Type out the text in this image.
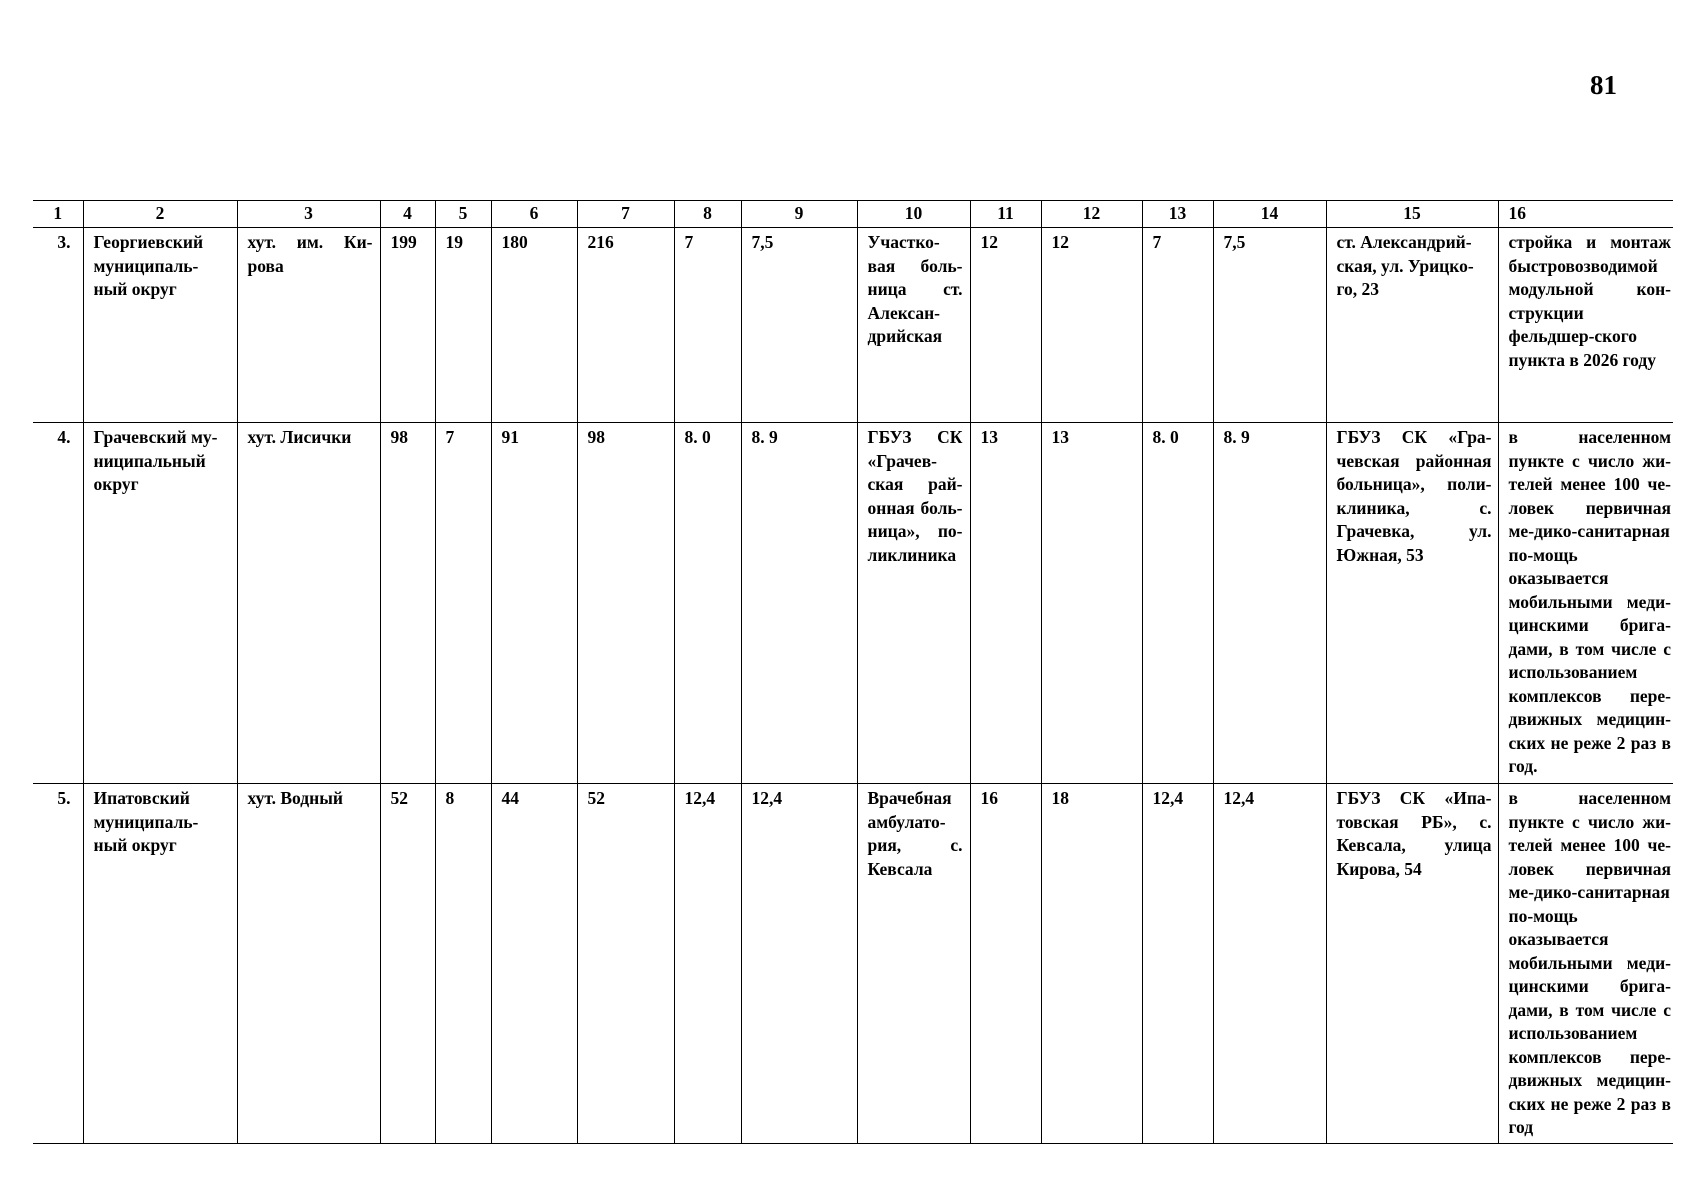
81
1	2	3	4	5	6	7	8	9	10	11	12	13	14	15	16
3.	Георгиевский муниципаль-ный округ	хут. им. Ки-рова	199	19	180	216	7	7,5	Участко-вая боль-ница ст. Алексан-дрийская	12	12	7	7,5	ст. Александрий-ская, ул. Урицко-го, 23	стройка и монтаж быстровозводимой модульной кон-струкции фельдшер-ского пункта в 2026 году
4.	Грачевский му-ниципальный округ	хут. Лисички	98	7	91	98	8. 0	8. 9	ГБУЗ СК «Грачев-ская рай-онная боль-ница», по-ликлиника	13	13	8. 0	8. 9	ГБУЗ СК «Гра-чевская районная больница», поли-клиника, с. Грачевка, ул. Южная, 53	в населенном пункте с число жи-телей менее 100 че-ловек первичная ме-дико-санитарная по-мощь оказывается мобильными меди-цинскими брига-дами, в том числе с использованием комплексов пере-движных медицин-ских не реже 2 раз в год.
5.	Ипатовский муниципаль-ный округ	хут. Водный	52	8	44	52	12,4	12,4	Врачебная амбулато-рия, с. Кевсала	16	18	12,4	12,4	ГБУЗ СК «Ипа-товская РБ», с. Кевсала, улица Кирова, 54	в населенном пункте с число жи-телей менее 100 че-ловек первичная ме-дико-санитарная по-мощь оказывается мобильными меди-цинскими брига-дами, в том числе с использованием комплексов пере-движных медицин-ских не реже 2 раз в год
